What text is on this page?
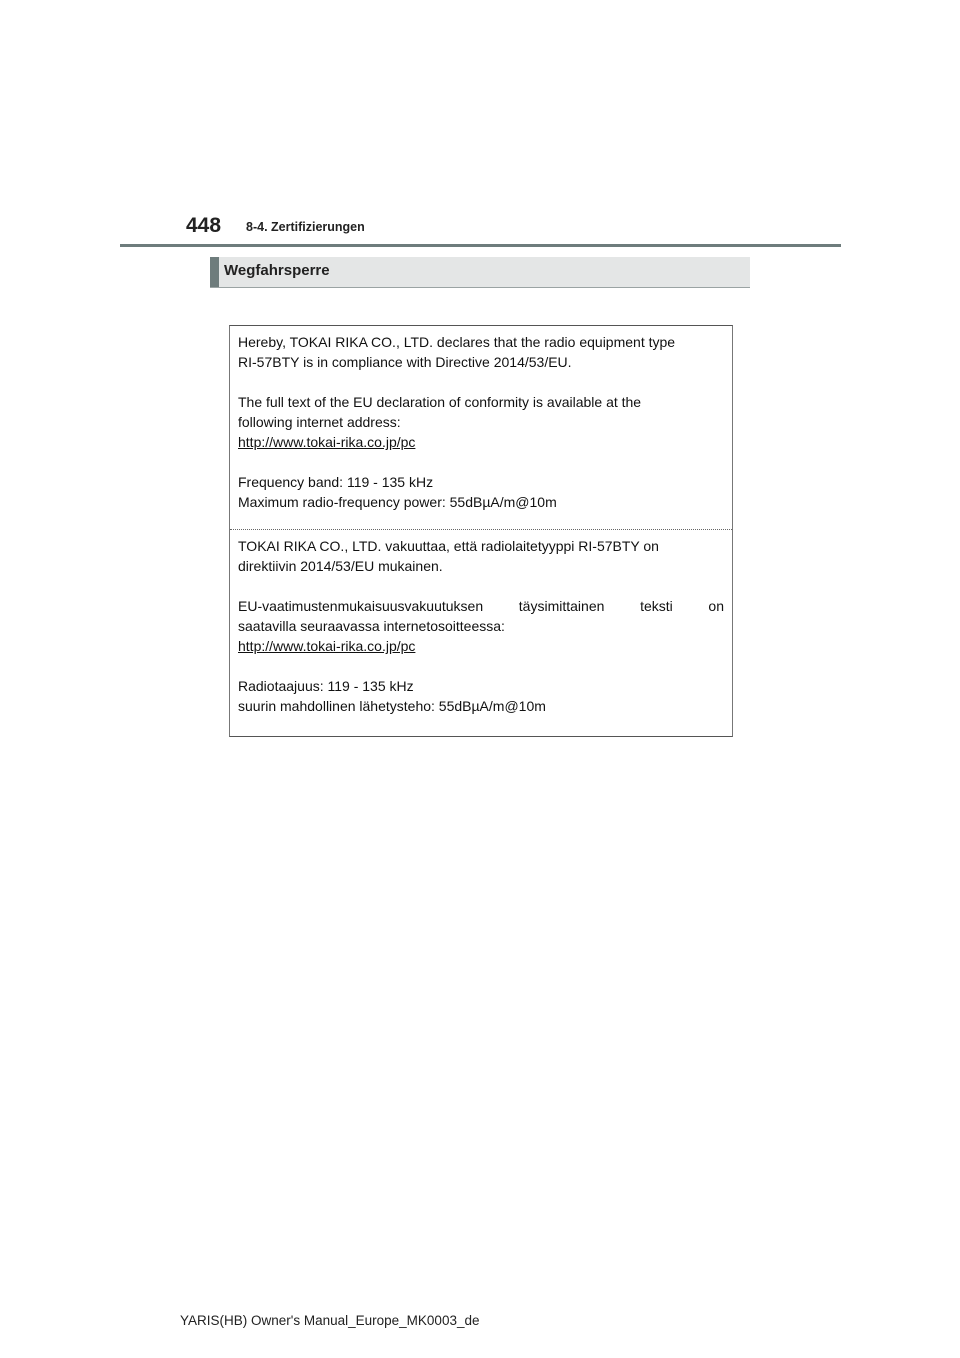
448 8-4. Zertifizierungen
Wegfahrsperre
Hereby, TOKAI RIKA CO., LTD. declares that the radio equipment type
RI-57BTY is in compliance with Directive 2014/53/EU.
The full text of the EU declaration of conformity is available at the
following internet address:
http://www.tokai-rika.co.jp/pc
Frequency band: 119 - 135 kHz
Maximum radio-frequency power: 55dBµA/m@10m
TOKAI RIKA CO., LTD. vakuuttaa, että radiolaitetyyppi RI-57BTY on
direktiivin 2014/53/EU mukainen.
EU-vaatimustenmukaisuusvakuutuksen	täysimittainen	teksti	on
saatavilla seuraavassa internetosoitteessa:
http://www.tokai-rika.co.jp/pc
Radiotaajuus: 119 - 135 kHz
suurin mahdollinen lähetysteho: 55dBµA/m@10m
YARIS(HB) Owner's Manual_Europe_MK0003_de
